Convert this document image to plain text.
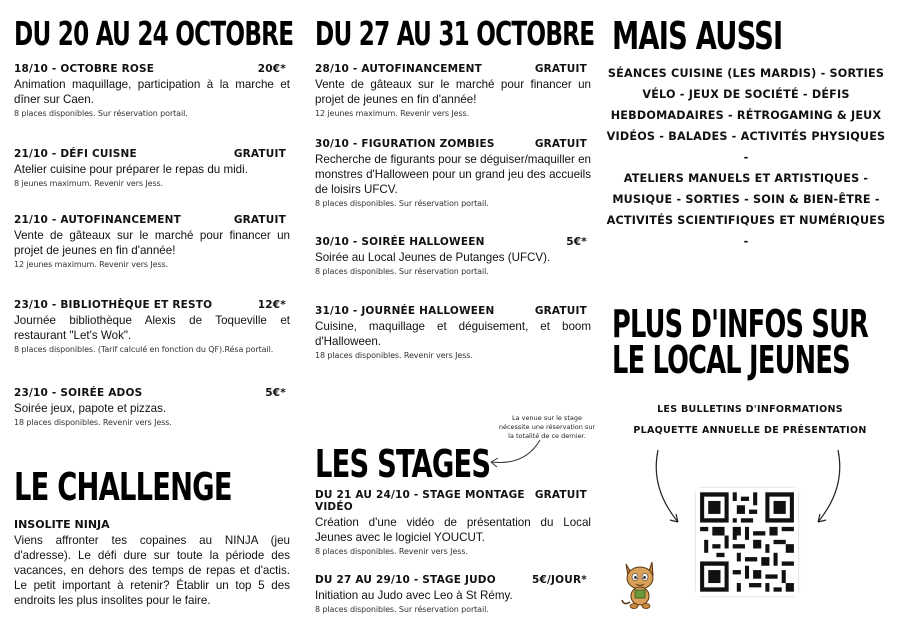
DU 20 AU 24 OCTOBRE
18/10 - OCTOBRE ROSE	20€*
Animation maquillage, participation à la marche et dîner sur Caen.
8 places disponibles. Sur réservation portail.
21/10 - DÉFI CUISNE	GRATUIT
Atelier cuisine pour préparer le repas du midi.
8 jeunes maximum. Revenir vers Jess.
21/10 - AUTOFINANCEMENT	GRATUIT
Vente de gâteaux sur le marché pour financer un projet de jeunes en fin d'année!
12 jeunes maximum. Revenir vers Jess.
23/10 - BIBLIOTHÈQUE ET RESTO	12€*
Journée bibliothèque Alexis de Toqueville et restaurant "Let's Wok".
8 places disponibles. (Tarif calculé en fonction du QF).Résa portail.
23/10 - SOIRÉE ADOS	5€*
Soirée jeux, papote et pizzas.
18 places disponibles. Revenir vers Jess.
LE CHALLENGE
INSOLITE NINJA
Viens affronter tes copaines au NINJA (jeu d'adresse). Le défi dure sur toute la période des vacances, en dehors des temps de repas et d'actis. Le petit important à retenir? Établir un top 5 des endroits les plus insolites pour le faire.
DU 27 AU 31 OCTOBRE
28/10 - AUTOFINANCEMENT	GRATUIT
Vente de gâteaux sur le marché pour financer un projet de jeunes en fin d'année!
12 jeunes maximum. Revenir vers Jess.
30/10 - FIGURATION ZOMBIES	GRATUIT
Recherche de figurants pour se déguiser/maquiller en monstres d'Halloween pour un grand jeu des accueils de loisirs UFCV.
8 places disponibles. Sur réservation portail.
30/10 - SOIRÉE HALLOWEEN	5€*
Soirée au Local Jeunes de Putanges (UFCV).
8 places disponibles. Sur réservation portail.
31/10 - JOURNÉE HALLOWEEN	GRATUIT
Cuisine, maquillage et déguisement, et boom d'Halloween.
18 places disponibles. Revenir vers Jess.
LES STAGES
La venue sur le stage nécessite une réservation sur la totalité de ce dernier.
DU 21 AU 24/10 - STAGE MONTAGE VIDÉO
GRATUIT
Création d'une vidéo de présentation du Local Jeunes avec le logiciel YOUCUT.
8 places disponibles. Revenir vers Jess.
DU 27 AU 29/10 - STAGE JUDO	5€/JOUR*
Initiation au Judo avec Leo à St Rémy.
8 places disponibles. Sur réservation portail.
MAIS AUSSI
SÉANCES CUISINE (LES MARDIS) - SORTIES
VÉLO - JEUX DE SOCIÉTÉ - DÉFIS
HEBDOMADAIRES - RÉTROGAMING & JEUX
VIDÉOS - BALADES - ACTIVITÉS PHYSIQUES -
ATELIERS MANUELS ET ARTISTIQUES -
MUSIQUE - SORTIES - SOIN & BIEN-ÊTRE -
ACTIVITÉS SCIENTIFIQUES ET NUMÉRIQUES -
PLUS D'INFOS SUR
LE LOCAL JEUNES
LES BULLETINS D'INFORMATIONS
PLAQUETTE ANNUELLE DE PRÉSENTATION
